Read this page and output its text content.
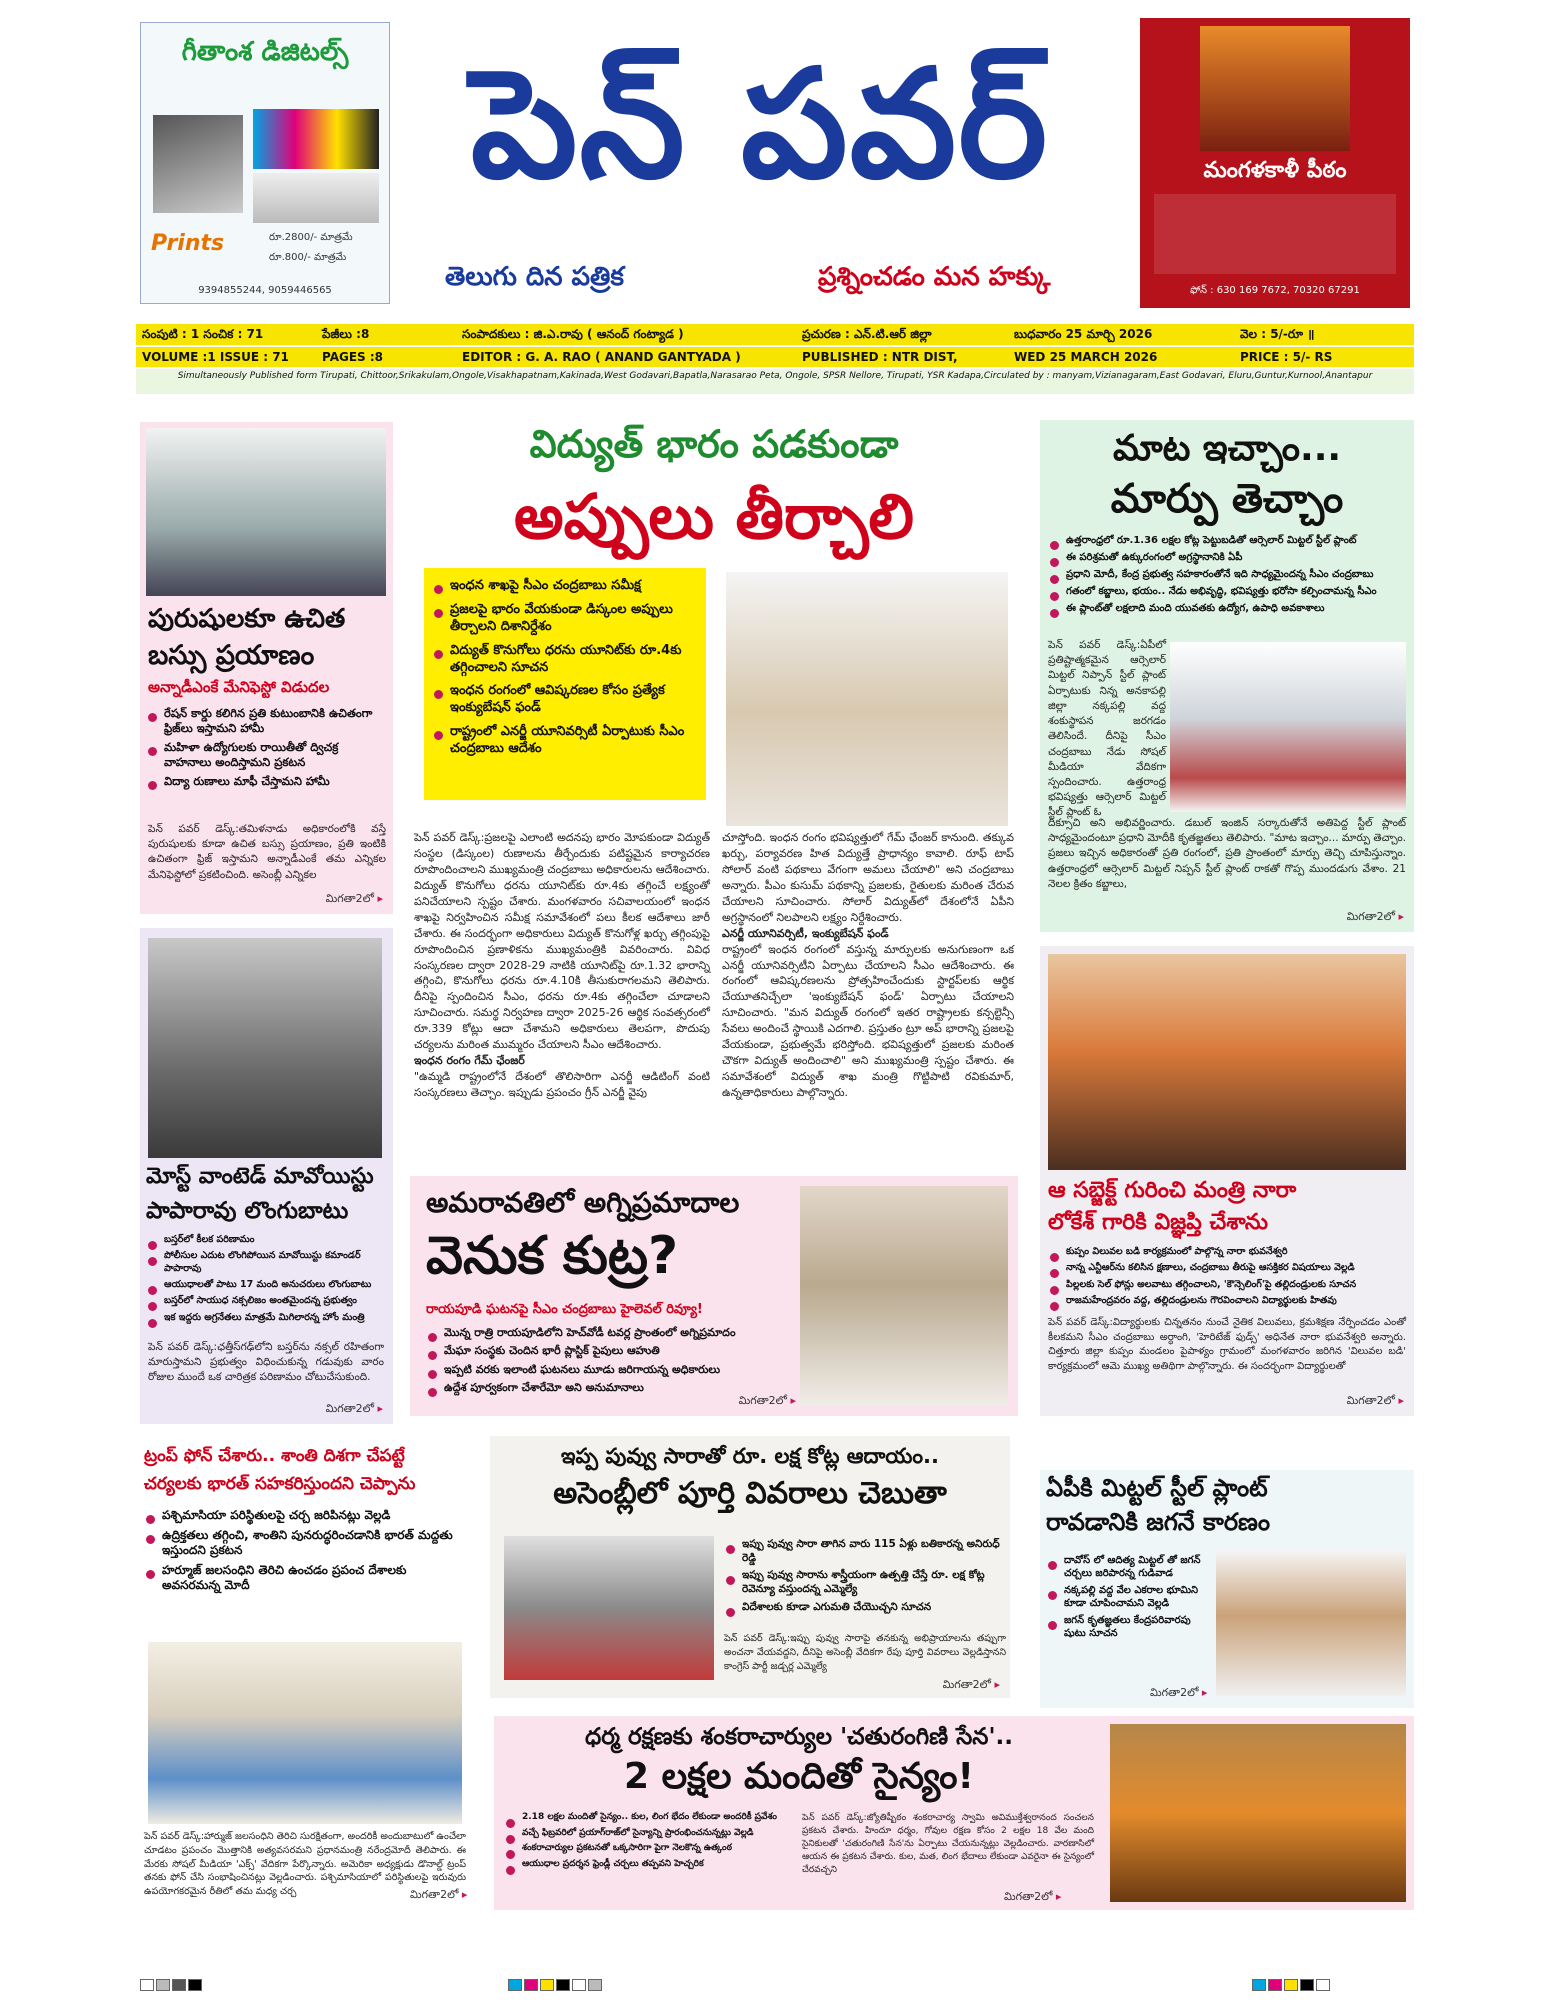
గీతాంశ డిజిటల్స్
Prints	రూ.2800/- మాత్రమే
రూ.800/- మాత్రమే
9394855244, 9059446565
పెన్ పవర్
తెలుగు దిన పత్రిక	ప్రశ్నించడం మన హక్కు
మంగళకాళీ పీఠం
ఫోన్ : 630 169 7672, 70320 67291
సంపుటి : 1 సంచిక : 71	పేజీలు :8	సంపాదకులు : జి.ఎ.రావు ( ఆనంద్ గంట్యాడ )	ప్రచురణ : ఎన్.టి.ఆర్ జిల్లా	బుధవారం 25 మార్చి 2026	వెల : 5/-రూ ॥
VOLUME :1 ISSUE : 71	PAGES :8	EDITOR : G. A. RAO ( ANAND GANTYADA )	PUBLISHED : NTR DIST,	WED 25 MARCH 2026	PRICE : 5/- RS
Simultaneously Published form Tirupati, Chittoor,Srikakulam,Ongole,Visakhapatnam,Kakinada,West Godavari,Bapatla,Narasarao Peta, Ongole, SPSR Nellore, Tirupati, YSR Kadapa,Circulated by : manyam,Vizianagaram,East Godavari, Eluru,Guntur,Kurnool,Anantapur
పురుషులకూ ఉచిత
బస్సు ప్రయాణం
అన్నాడీఎంకే మేనిఫెస్టో విడుదల
రేషన్ కార్డు కలిగిన ప్రతి కుటుంబానికి ఉచితంగా ఫ్రిజ్‌లు ఇస్తామని హామీ
మహిళా ఉద్యోగులకు రాయితీతో ద్విచక్ర వాహనాలు అందిస్తామని ప్రకటన
విద్యా రుణాలు మాఫీ చేస్తామని హామీ
పెన్ పవర్ డెస్క్:తమిళనాడు అధికారంలోకి వస్తే పురుషులకు కూడా ఉచిత బస్సు ప్రయాణం, ప్రతి ఇంటికి ఉచితంగా ఫ్రిజ్ ఇస్తామని అన్నాడీఎంకే తమ ఎన్నికల మేనిఫెస్టోలో ప్రకటించింది. అసెంబ్లీ ఎన్నికల
మిగతా2లో ▸
విద్యుత్ భారం పడకుండా
అప్పులు తీర్చాలి
ఇంధన శాఖపై సీఎం చంద్రబాబు సమీక్ష
ప్రజలపై భారం వేయకుండా డిస్కంల అప్పులు తీర్చాలని దిశానిర్దేశం
విద్యుత్ కొనుగోలు ధరను యూనిట్‌కు రూ.4కు తగ్గించాలని సూచన
ఇంధన రంగంలో ఆవిష్కరణల కోసం ప్రత్యేక ఇంక్యుబేషన్ ఫండ్
రాష్ట్రంలో ఎనర్జీ యూనివర్సిటీ ఏర్పాటుకు సీఎం చంద్రబాబు ఆదేశం
పెన్ పవర్ డెస్క్:ప్రజలపై ఎలాంటి అదనపు భారం మోపకుండా విద్యుత్ సంస్థల (డిస్కంల) రుణాలను తీర్చేందుకు పటిష్టమైన కార్యాచరణ రూపొందించాలని ముఖ్యమంత్రి చంద్రబాబు అధికారులను ఆదేశించారు. విద్యుత్ కొనుగోలు ధరను యూనిట్‌కు రూ.4కు తగ్గించే లక్ష్యంతో పనిచేయాలని స్పష్టం చేశారు. మంగళవారం సచివాలయంలో ఇంధన శాఖపై నిర్వహించిన సమీక్ష సమావేశంలో పలు కీలక ఆదేశాలు జారీ చేశారు. ఈ సందర్భంగా అధికారులు విద్యుత్ కొనుగోళ్ల ఖర్చు తగ్గింపుపై రూపొందించిన ప్రణాళికను ముఖ్యమంత్రికి వివరించారు. వివిధ సంస్కరణల ద్వారా 2028-29 నాటికి యూనిట్‌పై రూ.1.32 భారాన్ని తగ్గించి, కొనుగోలు ధరను రూ.4.10కి తీసుకురాగలమని తెలిపారు. దీనిపై స్పందించిన సీఎం, ధరను రూ.4కు తగ్గించేలా చూడాలని సూచించారు. సమర్థ నిర్వహణ ద్వారా 2025-26 ఆర్థిక సంవత్సరంలో రూ.339 కోట్లు ఆదా చేశామని అధికారులు తెలపగా, పొదుపు చర్యలను మరింత ముమ్మరం చేయాలని సీఎం ఆదేశించారు.
ఇంధన రంగం గేమ్ ఛేంజర్
"ఉమ్మడి రాష్ట్రంలోనే దేశంలో తొలిసారిగా ఎనర్జీ ఆడిటింగ్ వంటి సంస్కరణలు తెచ్చాం. ఇప్పుడు ప్రపంచం గ్రీన్ ఎనర్జీ వైపు
చూస్తోంది. ఇంధన రంగం భవిష్యత్తులో గేమ్ ఛేంజర్ కానుంది. తక్కువ ఖర్చు, పర్యావరణ హిత విద్యుత్తే ప్రాధాన్యం కావాలి. రూఫ్ టాప్ సోలార్ వంటి పథకాలు వేగంగా అమలు చేయాలి" అని చంద్రబాబు అన్నారు. పీఎం కుసుమ్ పథకాన్ని ప్రజలకు, రైతులకు మరింత చేరువ చేయాలని సూచించారు. సోలార్ విద్యుత్‌లో దేశంలోనే ఏపీని అగ్రస్థానంలో నిలపాలని లక్ష్యం నిర్దేశించారు.
ఎనర్జీ యూనివర్సిటీ, ఇంక్యుబేషన్ ఫండ్
రాష్ట్రంలో ఇంధన రంగంలో వస్తున్న మార్పులకు అనుగుణంగా ఒక ఎనర్జీ యూనివర్సిటీని ఏర్పాటు చేయాలని సీఎం ఆదేశించారు. ఈ రంగంలో ఆవిష్కరణలను ప్రోత్సహించేందుకు స్టార్టప్‌లకు ఆర్థిక చేయూతనిచ్చేలా 'ఇంక్యుబేషన్ ఫండ్' ఏర్పాటు చేయాలని సూచించారు. "మన విద్యుత్ రంగంలో ఇతర రాష్ట్రాలకు కన్సల్టెన్సీ సేవలు అందించే స్థాయికి ఎదగాలి. ప్రస్తుతం ట్రూ అప్ భారాన్ని ప్రజలపై వేయకుండా, ప్రభుత్వమే భరిస్తోంది. భవిష్యత్తులో ప్రజలకు మరింత చౌకగా విద్యుత్ అందించాలి" అని ముఖ్యమంత్రి స్పష్టం చేశారు. ఈ సమావేశంలో విద్యుత్ శాఖ మంత్రి గొట్టిపాటి రవికుమార్, ఉన్నతాధికారులు పాల్గొన్నారు.
మాట ఇచ్చాం...
మార్పు తెచ్చాం
ఉత్తరాంధ్రలో రూ.1.36 లక్షల కోట్ల పెట్టుబడితో ఆర్సెలార్ మిట్టల్ స్టీల్ ప్లాంట్
ఈ పరిశ్రమతో ఉక్కురంగంలో అగ్రస్థానానికి ఏపీ
ప్రధాని మోదీ, కేంద్ర ప్రభుత్వ సహకారంతోనే ఇది సాధ్యమైందన్న సీఎం చంద్రబాబు
గతంలో కబ్జాలు, భయం.. నేడు అభివృద్ధి, భవిష్యత్తు భరోసా కల్పించామన్న సీఎం
ఈ ప్లాంట్‌తో లక్షలాది మంది యువతకు ఉద్యోగ, ఉపాధి అవకాశాలు
పెన్ పవర్ డెస్క్:ఏపీలో ప్రతిష్టాత్మకమైన ఆర్సెలార్ మిట్టల్ నిప్పాన్ స్టీల్ ప్లాంట్ ఏర్పాటుకు నిన్న అనకాపల్లి జిల్లా నక్కపల్లి వద్ద శంకుస్థాపన జరగడం తెలిసిందే. దీనిపై సీఎం చంద్రబాబు నేడు సోషల్ మీడియా వేదికగా స్పందించారు. ఉత్తరాంధ్ర భవిష్యత్తు ఆర్సెలార్ మిట్టల్ స్టీల్ ప్లాంట్ ఓ
దిక్సూచి అని అభివర్ణించారు. డబుల్ ఇంజిన్ సర్కారుతోనే అతిపెద్ద స్టీల్ ప్లాంట్ సాధ్యమైందంటూ ప్రధాని మోదీకి కృతజ్ఞతలు తెలిపారు. "మాట ఇచ్చాం... మార్పు తెచ్చాం. ప్రజలు ఇచ్చిన అధికారంతో ప్రతి రంగంలో, ప్రతి ప్రాంతంలో మార్పు తెచ్చి చూపిస్తున్నాం. ఉత్తరాంధ్రలో ఆర్సెలార్ మిట్టల్ నిప్పన్ స్టీల్ ప్లాంట్ రాకతో గొప్ప ముందడుగు వేశాం. 21 నెలల క్రితం కబ్జాలు,
మిగతా2లో ▸
మోస్ట్ వాంటెడ్ మావోయిస్టు
పాపారావు లొంగుబాటు
బస్తర్‌లో కీలక పరిణామం
పోలీసుల ఎదుట లొంగిపోయిన మావోయిస్టు కమాండర్ పాపారావు
ఆయుధాలతో పాటు 17 మంది అనుచరులు లొంగుబాటు
బస్తర్‌లో సాయుధ నక్సలిజం అంతమైందన్న ప్రభుత్వం
ఇక ఇద్దరు అగ్రనేతలు మాత్రమే మిగిలారన్న హోం మంత్రి
పెన్ పవర్ డెస్క్:ఛత్తీస్‌గఢ్‌లోని బస్తర్‌ను నక్సల్ రహితంగా మారుస్తామని ప్రభుత్వం విధించుకున్న గడువుకు వారం రోజుల ముందే ఒక చారిత్రక పరిణామం చోటుచేసుకుంది.
మిగతా2లో ▸
అమరావతిలో అగ్నిప్రమాదాల
వెనుక కుట్ర?
రాయపూడి ఘటనపై సీఎం చంద్రబాబు హైలెవల్ రివ్యూ!
మొన్న రాత్రి రాయపూడిలోని హెచ్‌వోడీ టవర్ల ప్రాంతంలో అగ్నిప్రమాదం
మేఘా సంస్థకు చెందిన భారీ ప్లాస్టిక్ పైపులు ఆహుతి
ఇప్పటి వరకు ఇలాంటి ఘటనలు మూడు జరిగాయన్న అధికారులు
ఉద్దేశ పూర్వకంగా చేశారేమో అని అనుమానాలు
మిగతా2లో ▸
ఆ సబ్జెక్ట్ గురించి మంత్రి నారా
లోకేశ్ గారికి విజ్ఞప్తి చేశాను
కుప్పం విలువల బడి కార్యక్రమంలో పాల్గొన్న నారా భువనేశ్వరి
నాన్న ఎన్టీఆర్‌ను కలిసిన క్షణాలు, చంద్రబాబు తీరుపై ఆసక్తికర విషయాలు వెల్లడి
పిల్లలకు సెల్ ఫోన్లు అలవాటు తగ్గించాలని, 'కౌన్సెలింగ్'పై తల్లిదండ్రులకు సూచన
రాజమహేంద్రవరం వద్ద, తల్లిదండ్రులను గౌరవించాలని విద్యార్థులకు హితవు
పెన్ పవర్ డెస్క్:విద్యార్థులకు చిన్నతనం నుంచే నైతిక విలువలు, క్రమశిక్షణ నేర్పించడం ఎంతో కీలకమని సీఎం చంద్రబాబు అర్ధాంగి, 'హెరిటేజ్ ఫుడ్స్' అధినేత నారా భువనేశ్వరి అన్నారు. చిత్తూరు జిల్లా కుప్పం మండలం పైపాళ్యం గ్రామంలో మంగళవారం జరిగిన 'విలువల బడి' కార్యక్రమంలో ఆమె ముఖ్య అతిథిగా పాల్గొన్నారు. ఈ సందర్భంగా విద్యార్థులతో
మిగతా2లో ▸
ట్రంప్ ఫోన్ చేశారు.. శాంతి దిశగా చేపట్టే
చర్యలకు భారత్ సహకరిస్తుందని చెప్పాను
పశ్చిమాసియా పరిస్థితులపై చర్చ జరిపినట్లు వెల్లడి
ఉద్రిక్తతలు తగ్గించి, శాంతిని పునరుద్ధరించడానికి భారత్ మద్దతు ఇస్తుందని ప్రకటన
హర్మూజ్ జలసంధిని తెరిచి ఉంచడం ప్రపంచ దేశాలకు అవసరమన్న మోదీ
పెన్ పవర్ డెస్క్:హార్ముజ్ జలసంధిని తెరిచి సురక్షితంగా, అందరికీ అందుబాటులో ఉంచేలా చూడటం ప్రపంచం మొత్తానికి అత్యవసరమని ప్రధానమంత్రి నరేంద్రమోదీ తెలిపారు. ఈ మేరకు సోషల్ మీడియా 'ఎక్స్' వేదికగా పేర్కొన్నారు. అమెరికా అధ్యక్షుడు డొనాల్డ్ ట్రంప్ తనకు ఫోన్ చేసి సంభాషించినట్లు వెల్లడించారు. పశ్చిమాసియాలో పరిస్థితులపై ఇరువురు ఉపయోగకరమైన రీతిలో తమ మధ్య చర్చ	మిగతా2లో ▸
ఇప్ప పువ్వు సారాతో రూ. లక్ష కోట్ల ఆదాయం..
అసెంబ్లీలో పూర్తి వివరాలు చెబుతా
ఇప్పు పువ్వు సారా తాగిన వారు 115 ఏళ్లు బతికారన్న అనిరుధ్ రెడ్డి
ఇప్పు పువ్వు సారాను శాస్త్రీయంగా ఉత్పత్తి చేస్తే రూ. లక్ష కోట్ల రెవెన్యూ వస్తుందన్న ఎమ్మెల్యే
విదేశాలకు కూడా ఎగుమతి చేయొచ్చని సూచన
పెన్ పవర్ డెస్క్:ఇప్పు పువ్వు సారాపై తనకున్న అభిప్రాయాలను తప్పుగా అంచనా వేయవద్దని, దీనిపై అసెంబ్లీ వేదికగా రేపు పూర్తి వివరాలు వెల్లడిస్తానని కాంగ్రెస్ పార్టీ జడ్చర్ల ఎమ్మెల్యే
మిగతా2లో ▸
ఏపీకి మిట్టల్ స్టీల్ ప్లాంట్
రావడానికి జగనే కారణం
దావోస్ లో ఆదిత్య మిట్టల్ తో జగన్ చర్చలు జరిపారన్న గుడివాడ
నక్కపల్లి వద్ద వేల ఎకరాల భూమిని కూడా చూపించామని వెల్లడి
జగన్ కృతజ్ఞతలు కేంద్రపరివారపు షుటు సూచన
మిగతా2లో ▸
ధర్మ రక్షణకు శంకరాచార్యుల 'చతురంగిణి సేన'..
2 లక్షల మందితో సైన్యం!
2.18 లక్షల మందితో సైన్యం.. కుల, లింగ భేదం లేకుండా అందరికీ ప్రవేశం
వచ్చే ఫిబ్రవరిలో ప్రయాగ్‌రాజ్‌లో సైన్యాన్ని ప్రారంభించనున్నట్లు వెల్లడి
శంకరాచార్యుల ప్రకటనతో ఒక్కసారిగా పైగా నెలకొన్న ఉత్కంఠ
ఆయుధాల ప్రదర్శన ఫ్రెండ్లీ చర్చలు తప్పవని హెచ్చరిక
పెన్ పవర్ డెస్క్:జ్యోతిష్పీఠం శంకరాచార్య స్వామి అవిముక్తేశ్వరానంద సంచలన ప్రకటన చేశారు. హిందూ ధర్మం, గోవుల రక్షణ కోసం 2 లక్షల 18 వేల మంది సైనికులతో 'చతురంగిణి సేన'ను ఏర్పాటు చేయనున్నట్లు వెల్లడించారు. వారణాసిలో ఆయన ఈ ప్రకటన చేశారు. కుల, మత, లింగ భేదాలు లేకుండా ఎవరైనా ఈ సైన్యంలో చేరవచ్చని
మిగతా2లో ▸
